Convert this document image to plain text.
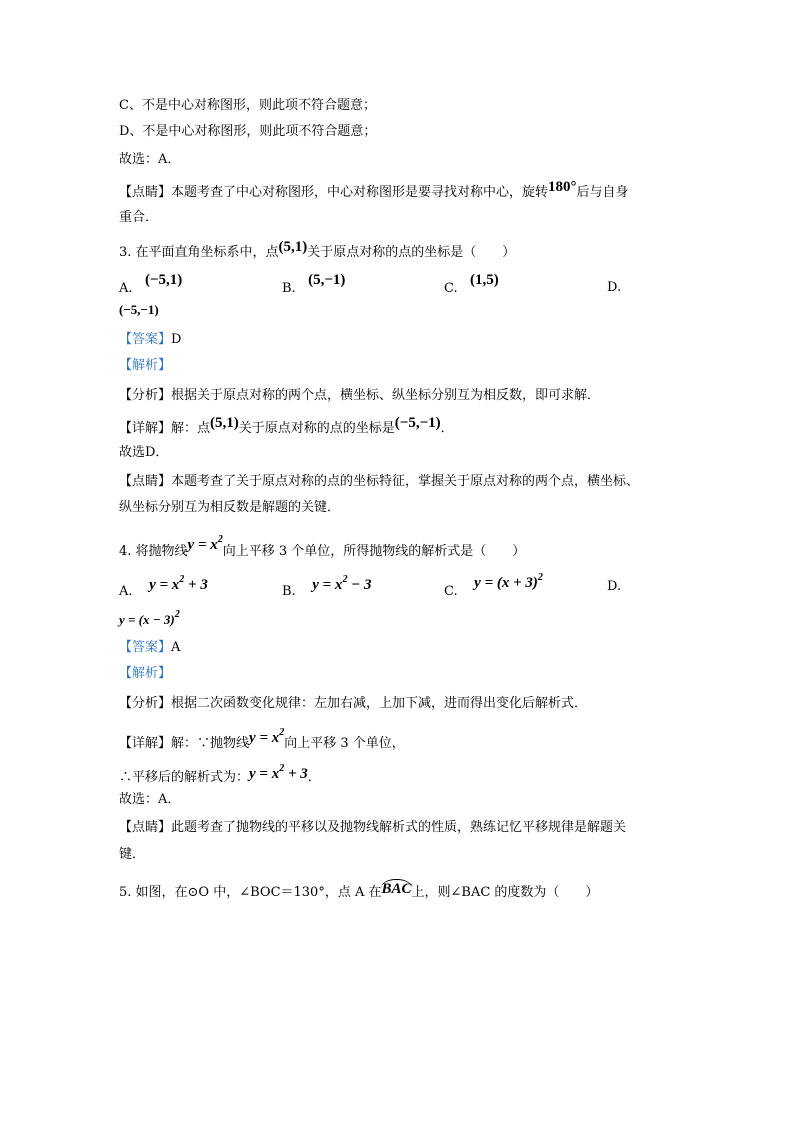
C、不是中心对称图形，则此项不符合题意；
D、不是中心对称图形，则此项不符合题意；
故选：A．
【点睛】本题考查了中心对称图形，中心对称图形是要寻找对称中心，旋转180°后与自身
重合．
3. 在平面直角坐标系中，点(5,1)关于原点对称的点的坐标是（　　）
A.   (−5,1)
B.   (5,−1)
C.   (1,5)	D.
(−5,−1)
【答案】D
【解析】
【分析】根据关于原点对称的两个点，横坐标、纵坐标分别互为相反数，即可求解．
【详解】解：点(5,1)关于原点对称的点的坐标是(−5,−1)．
故选D．
【点睛】本题考查了关于原点对称的点的坐标特征，掌握关于原点对称的两个点，横坐标、
纵坐标分别互为相反数是解题的关键．
4. 将抛物线$y = x^2$向上平移 3 个单位，所得抛物线的解析式是（　　）
A. $y = x^2 + 3$	B. $y = x^2 - 3$	C.    $y = (x + 3)^2$
D.
$y = (x - 3)^2$
【答案】A
【解析】
【分析】根据二次函数变化规律：左加右减，上加下减，进而得出变化后解析式．
【详解】解：∵抛物线$y = x^2$向上平移 3 个单位，
∴平移后的解析式为：$y = x^2 + 3$．
故选：A．
【点睛】此题考查了抛物线的平移以及抛物线解析式的性质，熟练记忆平移规律是解题关
键．
5. 如图，在⊙O 中，∠BOC＝130°，点 A 在BAC上，则∠BAC 的度数为（　　）
